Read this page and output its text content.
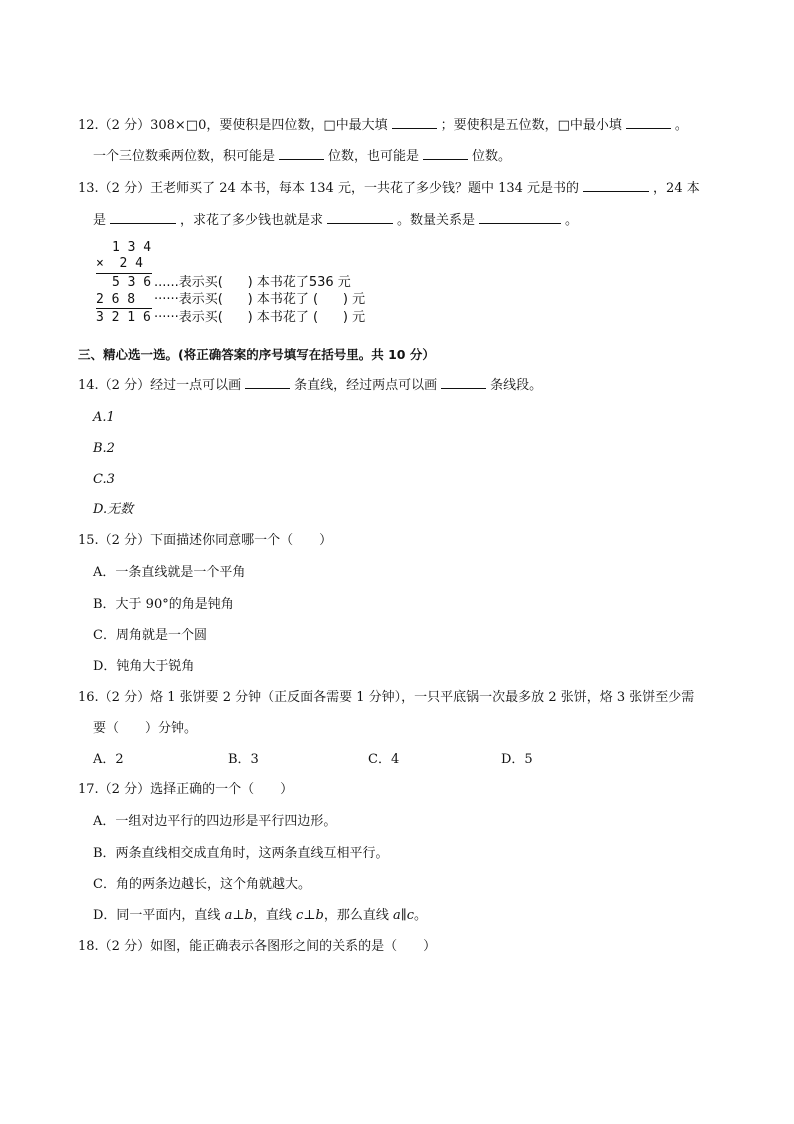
12.（2 分）308×□0，要使积是四位数，□中最大填	；要使积是五位数，□中最小填	。
一个三位数乘两位数，积可能是	位数，也可能是	位数。
13.（2 分）王老师买了 24 本书，每本 134 元，一共花了多少钱？题中 134 元是书的	，24 本
是	，求花了多少钱也就是求	。数量关系是	。
1 3 4
×  2 4
5 3 6 ......表示买(      ) 本书花了536 元
2 6 8 ······表示买(      ) 本书花了 (      ) 元
3 2 1 6 ······表示买(      ) 本书花了 (      ) 元
三、精心选一选。(将正确答案的序号填写在括号里。共 10 分）
14.（2 分）经过一点可以画	条直线，经过两点可以画	条线段。
A.1
B.2
C.3
D.无数
15.（2 分）下面描述你同意哪一个（　　）
A．一条直线就是一个平角
B．大于 90°的角是钝角
C．周角就是一个圆
D．钝角大于锐角
16.（2 分）烙 1 张饼要 2 分钟（正反面各需要 1 分钟），一只平底锅一次最多放 2 张饼，烙 3 张饼至少需
要（　　）分钟。
A．2	B．3	C．4	D．5
17.（2 分）选择正确的一个（　　）
A．一组对边平行的四边形是平行四边形。
B．两条直线相交成直角时，这两条直线互相平行。
C．角的两条边越长，这个角就越大。
D．同一平面内，直线 a⊥b，直线 c⊥b，那么直线 a∥c。
18.（2 分）如图，能正确表示各图形之间的关系的是（　　）
